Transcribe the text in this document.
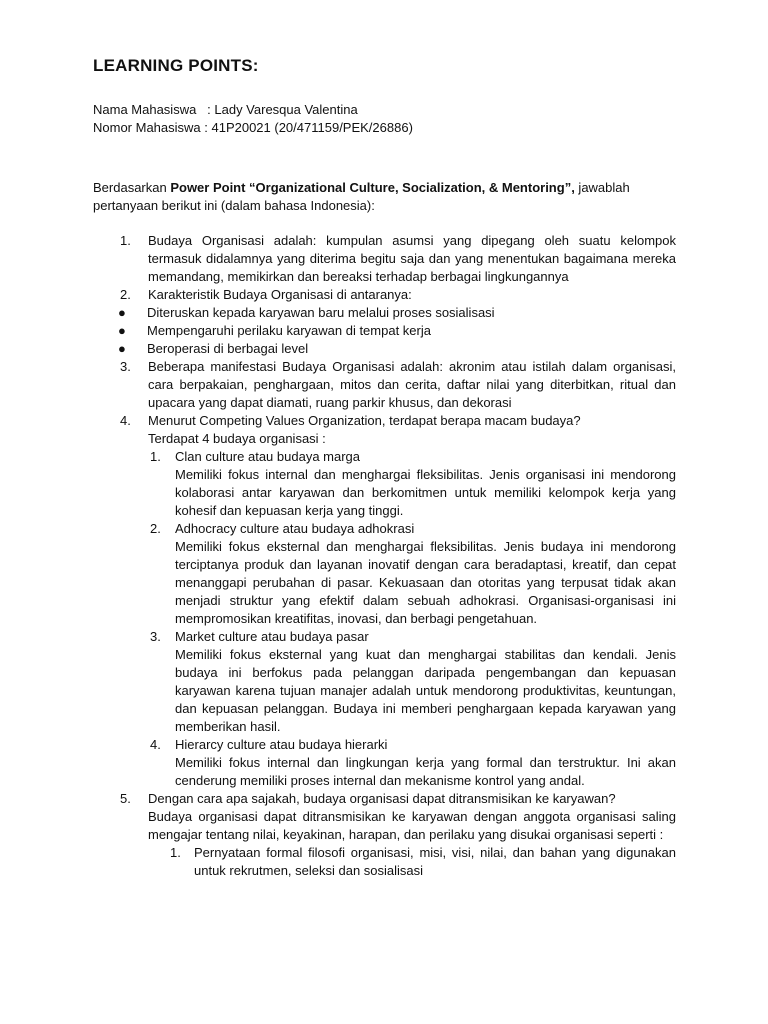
LEARNING POINTS:
Nama Mahasiswa   : Lady Varesqua Valentina
Nomor Mahasiswa : 41P20021 (20/471159/PEK/26886)
Berdasarkan Power Point “Organizational Culture, Socialization, & Mentoring”, jawablah pertanyaan berikut ini (dalam bahasa Indonesia):
1. Budaya Organisasi adalah: kumpulan asumsi yang dipegang oleh suatu kelompok termasuk didalamnya yang diterima begitu saja dan yang menentukan bagaimana mereka memandang, memikirkan dan bereaksi terhadap berbagai lingkungannya
2. Karakteristik Budaya Organisasi di antaranya:
● Diteruskan kepada karyawan baru melalui proses sosialisasi
● Mempengaruhi perilaku karyawan di tempat kerja
● Beroperasi di berbagai level
3. Beberapa manifestasi Budaya Organisasi adalah: akronim atau istilah dalam organisasi, cara berpakaian, penghargaan, mitos dan cerita, daftar nilai yang diterbitkan, ritual dan upacara yang dapat diamati, ruang parkir khusus, dan dekorasi
4. Menurut Competing Values Organization, terdapat berapa macam budaya?
Terdapat 4 budaya organisasi :
1. Clan culture atau budaya marga
Memiliki fokus internal dan menghargai fleksibilitas. Jenis organisasi ini mendorong kolaborasi antar karyawan dan berkomitmen untuk memiliki kelompok kerja yang kohesif dan kepuasan kerja yang tinggi.
2. Adhocracy culture atau budaya adhokrasi
Memiliki fokus eksternal dan menghargai fleksibilitas. Jenis budaya ini mendorong terciptanya produk dan layanan inovatif dengan cara beradaptasi, kreatif, dan cepat menanggapi perubahan di pasar. Kekuasaan dan otoritas yang terpusat tidak akan menjadi struktur yang efektif dalam sebuah adhokrasi. Organisasi-organisasi ini mempromosikan kreatifitas, inovasi, dan berbagi pengetahuan.
3. Market culture atau budaya pasar
Memiliki fokus eksternal yang kuat dan menghargai stabilitas dan kendali. Jenis budaya ini berfokus pada pelanggan daripada pengembangan dan kepuasan karyawan karena tujuan manajer adalah untuk mendorong produktivitas, keuntungan, dan kepuasan pelanggan. Budaya ini memberi penghargaan kepada karyawan yang memberikan hasil.
4. Hierarcy culture atau budaya hierarki
Memiliki fokus internal dan lingkungan kerja yang formal dan terstruktur. Ini akan cenderung memiliki proses internal dan mekanisme kontrol yang andal.
5. Dengan cara apa sajakah, budaya organisasi dapat ditransmisikan ke karyawan?
Budaya organisasi dapat ditransmisikan ke karyawan dengan anggota organisasi saling mengajar tentang nilai, keyakinan, harapan, dan perilaku yang disukai organisasi seperti :
1. Pernyataan formal filosofi organisasi, misi, visi, nilai, dan bahan yang digunakan untuk rekrutmen, seleksi dan sosialisasi
